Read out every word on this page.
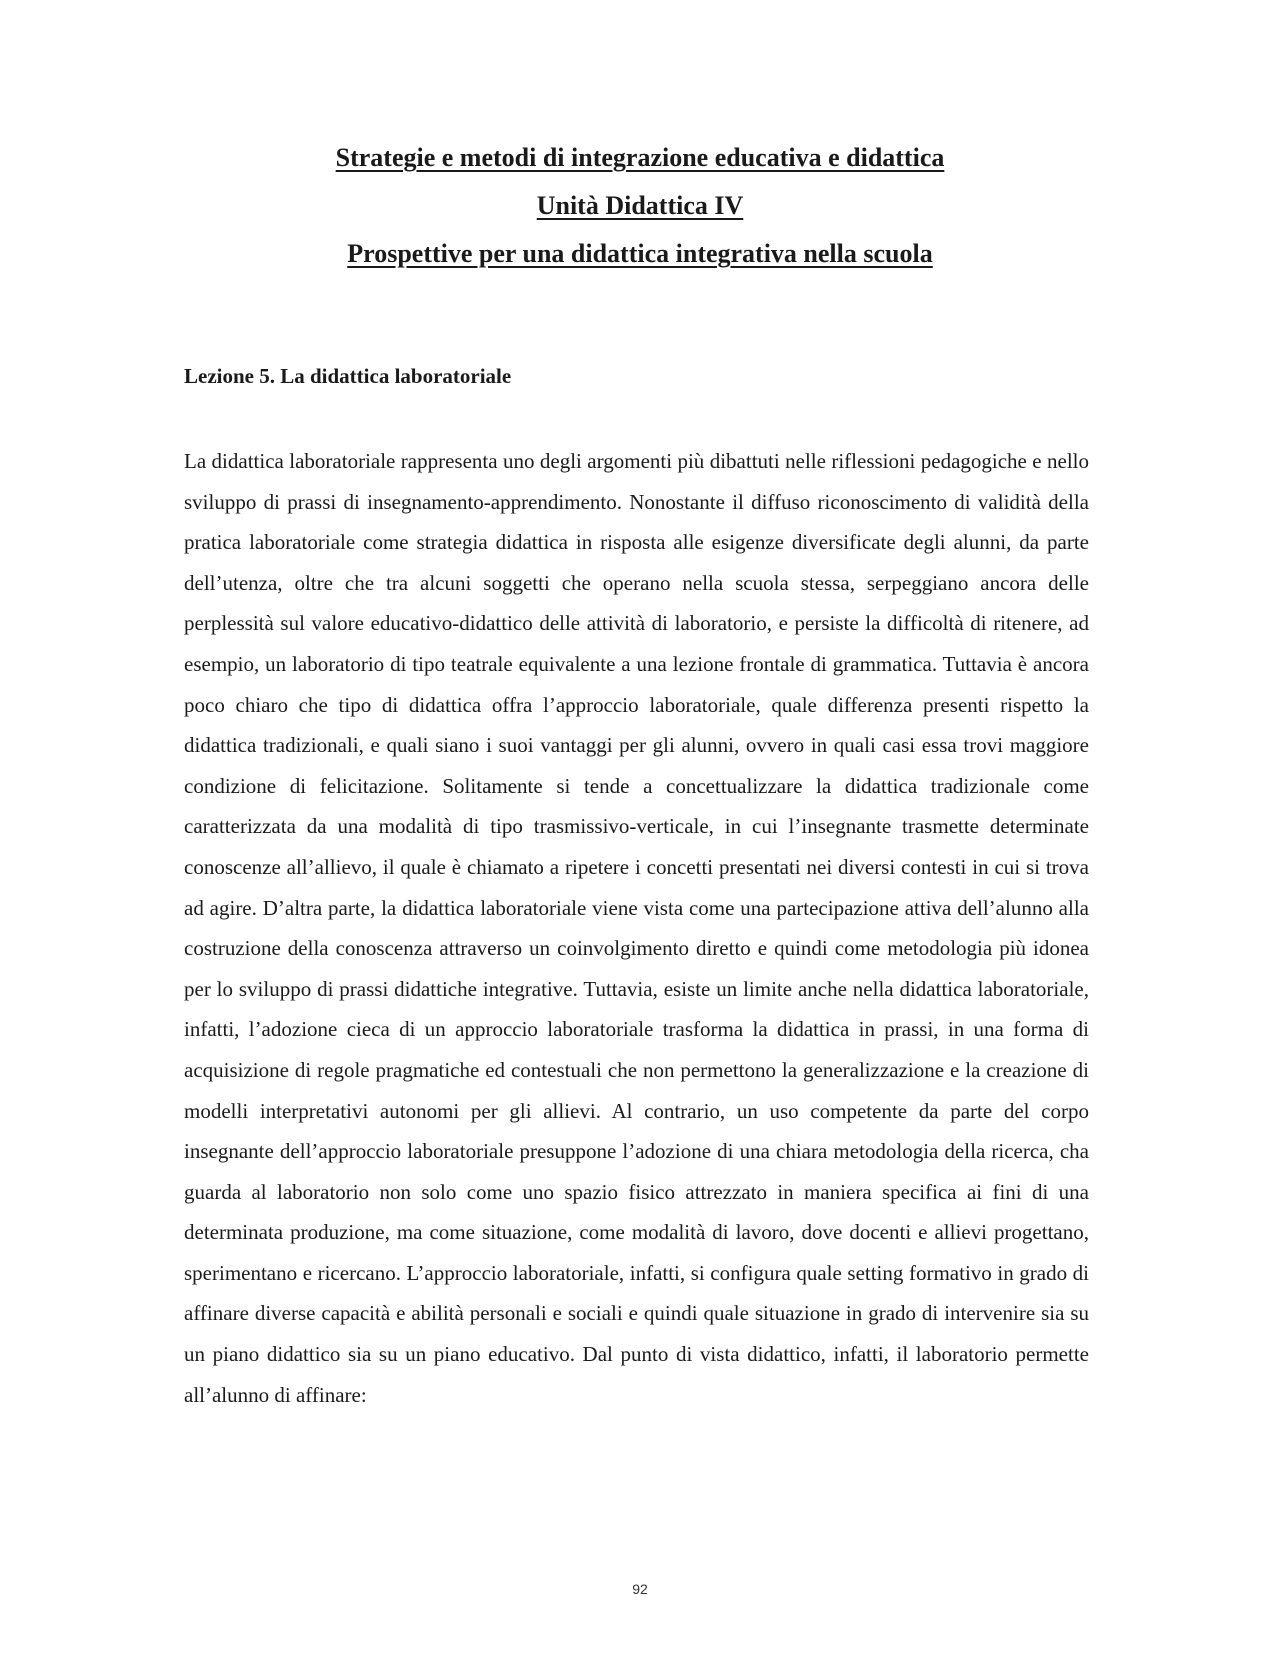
Strategie e metodi di integrazione educativa e didattica
Unità Didattica IV
Prospettive per una didattica integrativa nella scuola
Lezione 5. La didattica laboratoriale

La didattica laboratoriale rappresenta uno degli argomenti più dibattuti nelle riflessioni pedagogiche e nello sviluppo di prassi di insegnamento-apprendimento. Nonostante il diffuso riconoscimento di validità della pratica laboratoriale come strategia didattica in risposta alle esigenze diversificate degli alunni, da parte dell’utenza, oltre che tra alcuni soggetti che operano nella scuola stessa, serpeggiano ancora delle perplessità sul valore educativo-didattico delle attività di laboratorio, e persiste la difficoltà di ritenere, ad esempio, un laboratorio di tipo teatrale equivalente a una lezione frontale di grammatica. Tuttavia è ancora poco chiaro che tipo di didattica offra l’approccio laboratoriale, quale differenza presenti rispetto la didattica tradizionali, e quali siano i suoi vantaggi per gli alunni, ovvero in quali casi essa trovi maggiore condizione di felicitazione. Solitamente si tende a concettualizzare la didattica tradizionale come caratterizzata da una modalità di tipo trasmissivo-verticale, in cui l’insegnante trasmette determinate conoscenze all’allievo, il quale è chiamato a ripetere i concetti presentati nei diversi contesti in cui si trova ad agire. D’altra parte, la didattica laboratoriale viene vista come una partecipazione attiva dell’alunno alla costruzione della conoscenza attraverso un coinvolgimento diretto e quindi come metodologia più idonea per lo sviluppo di prassi didattiche integrative. Tuttavia, esiste un limite anche nella didattica laboratoriale, infatti, l’adozione cieca di un approccio laboratoriale trasforma la didattica in prassi, in una forma di acquisizione di regole pragmatiche ed contestuali che non permettono la generalizzazione e la creazione di modelli interpretativi autonomi per gli allievi. Al contrario, un uso competente da parte del corpo insegnante dell’approccio laboratoriale presuppone l’adozione di una chiara metodologia della ricerca, cha guarda al laboratorio non solo come uno spazio fisico attrezzato in maniera specifica ai fini di una determinata produzione, ma come situazione, come modalità di lavoro, dove docenti e allievi progettano, sperimentano e ricercano. L’approccio laboratoriale, infatti, si configura quale setting formativo in grado di affinare diverse capacità e abilità personali e sociali e quindi quale situazione in grado di intervenire sia su un piano didattico sia su un piano educativo. Dal punto di vista didattico, infatti, il laboratorio permette all’alunno di affinare:

92
